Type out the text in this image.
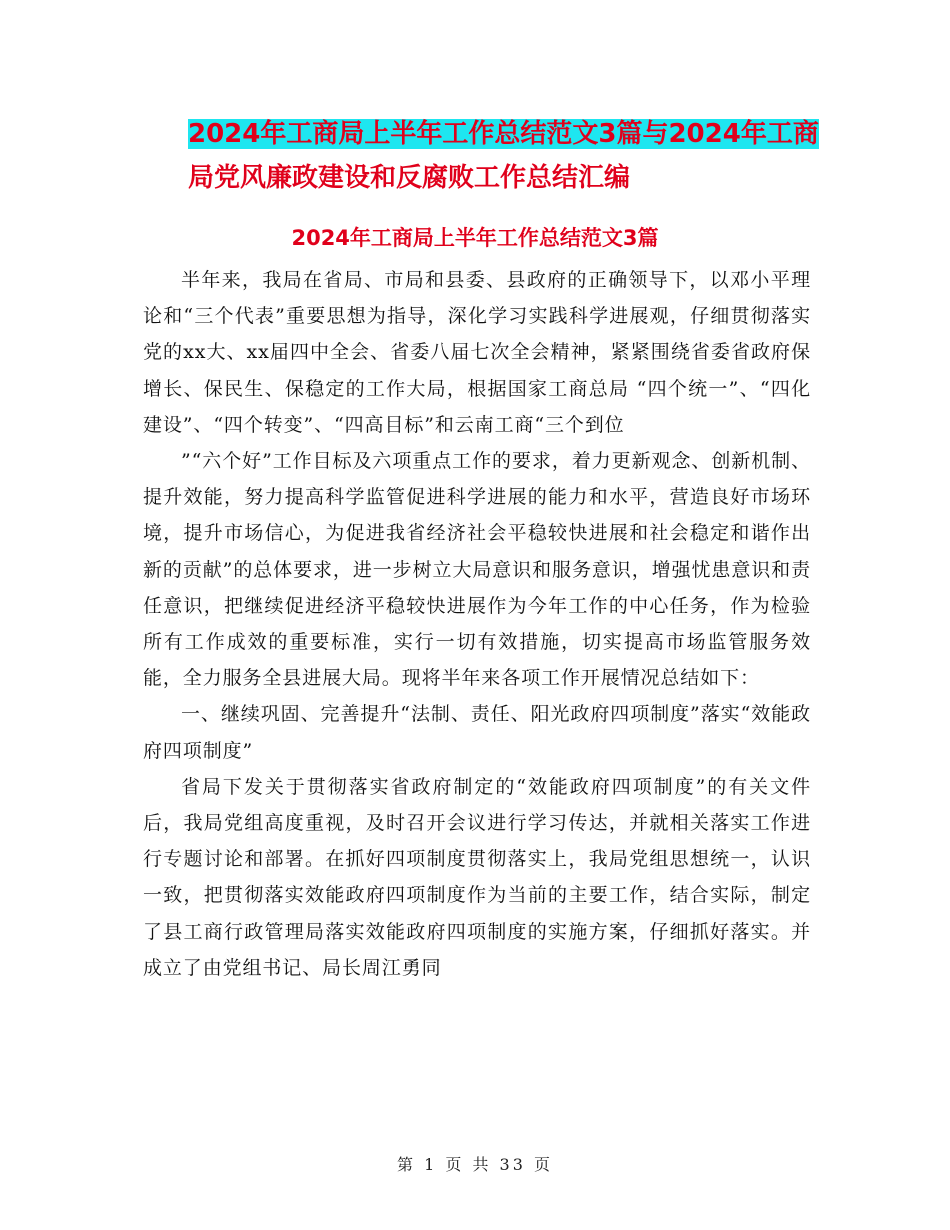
2024年工商局上半年工作总结范文3篇与2024年工商
局党风廉政建设和反腐败工作总结汇编
2024年工商局上半年工作总结范文3篇

半年来，我局在省局、市局和县委、县政府的正确领导下，以邓小平理论和“三个代表”重要思想为指导，深化学习实践科学进展观，仔细贯彻落实党的xx大、xx届四中全会、省委八届七次全会精神，紧紧围绕省委省政府保增长、保民生、保稳定的工作大局，根据国家工商总局 “四个统一”、“四化建设”、“四个转变”、“四高目标”和云南工商“三个到位

”“六个好”工作目标及六项重点工作的要求，着力更新观念、创新机制、提升效能，努力提高科学监管促进科学进展的能力和水平，营造良好市场环境，提升市场信心，为促进我省经济社会平稳较快进展和社会稳定和谐作出新的贡献”的总体要求，进一步树立大局意识和服务意识，增强忧患意识和责任意识，把继续促进经济平稳较快进展作为今年工作的中心任务，作为检验所有工作成效的重要标准，实行一切有效措施，切实提高市场监管服务效能，全力服务全县进展大局。现将半年来各项工作开展情况总结如下：

一、继续巩固、完善提升“法制、责任、阳光政府四项制度”落实“效能政府四项制度”

省局下发关于贯彻落实省政府制定的“效能政府四项制度”的有关文件后，我局党组高度重视，及时召开会议进行学习传达，并就相关落实工作进行专题讨论和部署。在抓好四项制度贯彻落实上，我局党组思想统一，认识一致，把贯彻落实效能政府四项制度作为当前的主要工作，结合实际，制定了县工商行政管理局落实效能政府四项制度的实施方案，仔细抓好落实。并成立了由党组书记、局长周江勇同

第 1 页 共 33 页
